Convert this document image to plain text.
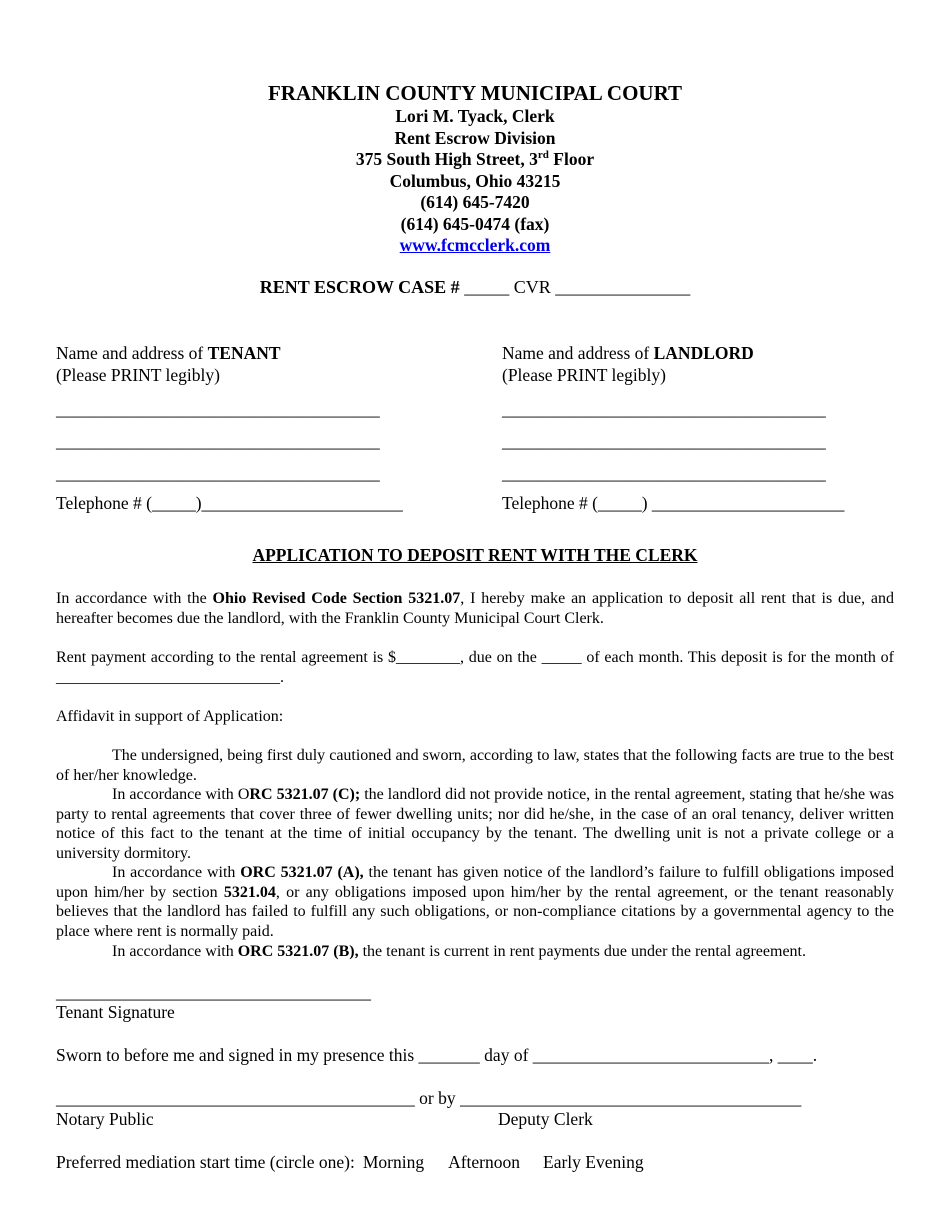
FRANKLIN COUNTY MUNICIPAL COURT
Lori M. Tyack, Clerk
Rent Escrow Division
375 South High Street, 3rd Floor
Columbus, Ohio 43215
(614) 645-7420
(614) 645-0474 (fax)
www.fcmcclerk.com
RENT ESCROW CASE # _____ CVR _______________
Name and address of TENANT
(Please PRINT legibly)
_____________________________________
_____________________________________
_____________________________________
Telephone # (_____)_______________________
Name and address of LANDLORD
(Please PRINT legibly)
_____________________________________
_____________________________________
_____________________________________
Telephone # (_____) ______________________
APPLICATION TO DEPOSIT RENT WITH THE CLERK
In accordance with the Ohio Revised Code Section 5321.07, I hereby make an application to deposit all rent that is due, and hereafter becomes due the landlord, with the Franklin County Municipal Court Clerk.
Rent payment according to the rental agreement is $________, due on the _____ of each month. This deposit is for the month of ____________________________.
Affidavit in support of Application:
The undersigned, being first duly cautioned and sworn, according to law, states that the following facts are true to the best of her/her knowledge.
In accordance with ORC 5321.07 (C); the landlord did not provide notice, in the rental agreement, stating that he/she was party to rental agreements that cover three of fewer dwelling units; nor did he/she, in the case of an oral tenancy, deliver written notice of this fact to the tenant at the time of initial occupancy by the tenant. The dwelling unit is not a private college or a university dormitory.
In accordance with ORC 5321.07 (A), the tenant has given notice of the landlord’s failure to fulfill obligations imposed upon him/her by section 5321.04, or any obligations imposed upon him/her by the rental agreement, or the tenant reasonably believes that the landlord has failed to fulfill any such obligations, or non-compliance citations by a governmental agency to the place where rent is normally paid.
In accordance with ORC 5321.07 (B), the tenant is current in rent payments due under the rental agreement.
____________________________________
Tenant Signature
Sworn to before me and signed in my presence this _______ day of ___________________________, ____.
_________________________________________ or by _______________________________________
Notary Public	Deputy Clerk
Preferred mediation start time (circle one): Morning Afternoon Early Evening
